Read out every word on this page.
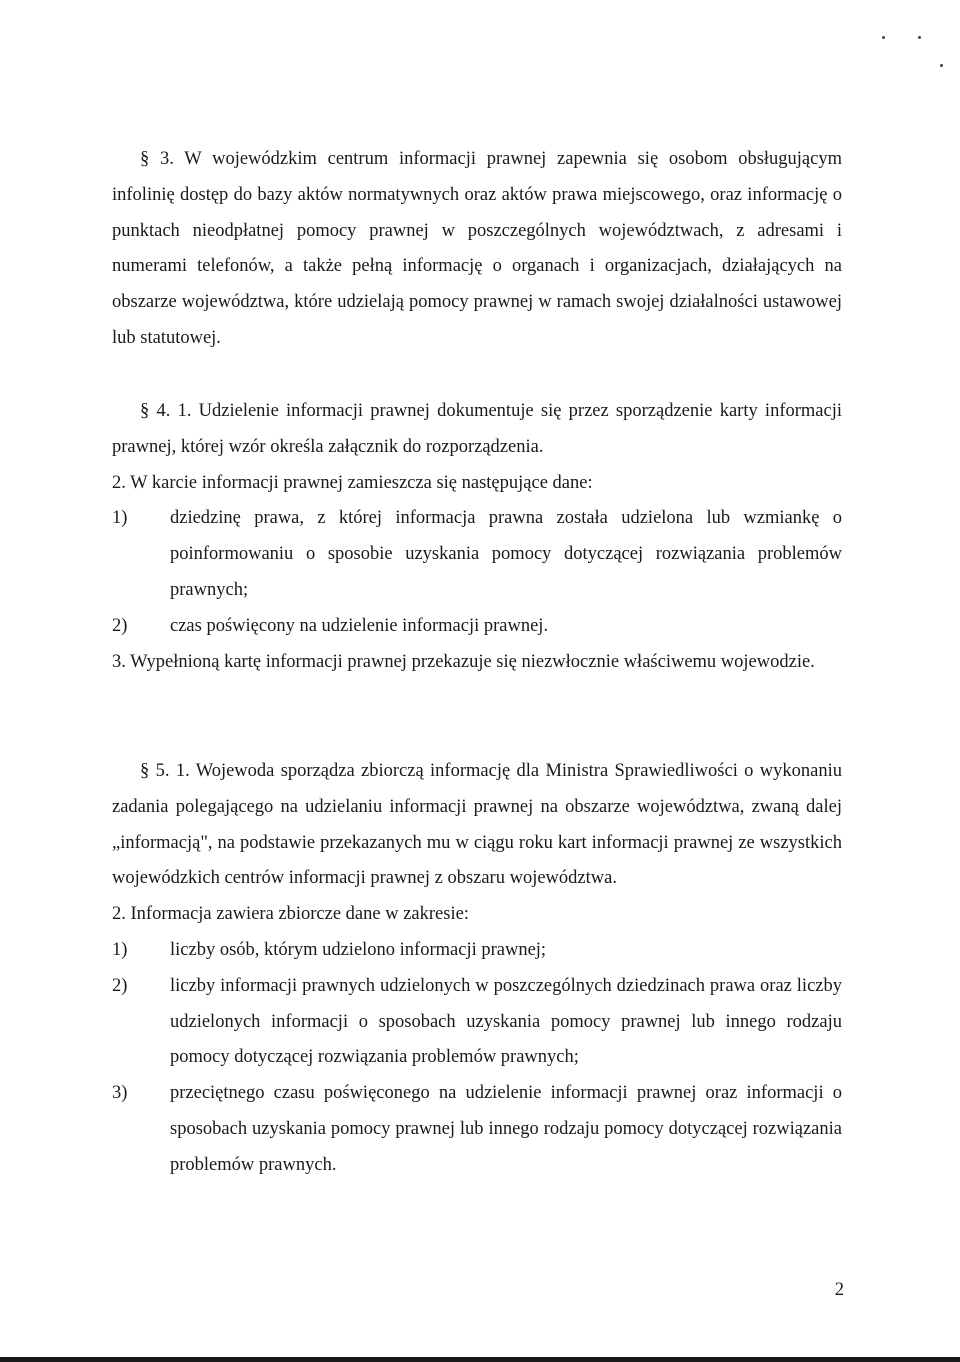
§ 3. W wojewódzkim centrum informacji prawnej zapewnia się osobom obsługującym infolinię dostęp do bazy aktów normatywnych oraz aktów prawa miejscowego, oraz informację o punktach nieodpłatnej pomocy prawnej w poszczególnych województwach, z adresami i numerami telefonów, a także pełną informację o organach i organizacjach, działających na obszarze województwa, które udzielają pomocy prawnej w ramach swojej działalności ustawowej lub statutowej.

§ 4. 1. Udzielenie informacji prawnej dokumentuje się przez sporządzenie karty informacji prawnej, której wzór określa załącznik do rozporządzenia.

2. W karcie informacji prawnej zamieszcza się następujące dane:

1)	dziedzinę prawa, z której informacja prawna została udzielona lub wzmiankę o poinformowaniu o sposobie uzyskania pomocy dotyczącej rozwiązania problemów prawnych;
2)	czas poświęcony na udzielenie informacji prawnej.

3. Wypełnioną kartę informacji prawnej przekazuje się niezwłocznie właściwemu wojewodzie.

§ 5. 1. Wojewoda sporządza zbiorczą informację dla Ministra Sprawiedliwości o wykonaniu zadania polegającego na udzielaniu informacji prawnej na obszarze województwa, zwaną dalej „informacją", na podstawie przekazanych mu w ciągu roku kart informacji prawnej ze wszystkich wojewódzkich centrów informacji prawnej z obszaru województwa.

2. Informacja zawiera zbiorcze dane w zakresie:

1)	liczby osób, którym udzielono informacji prawnej;
2)	liczby informacji prawnych udzielonych w poszczególnych dziedzinach prawa oraz liczby udzielonych informacji o sposobach uzyskania pomocy prawnej lub innego rodzaju pomocy dotyczącej rozwiązania problemów prawnych;
3)	przeciętnego czasu poświęconego na udzielenie informacji prawnej oraz informacji o sposobach uzyskania pomocy prawnej lub innego rodzaju pomocy dotyczącej rozwiązania problemów prawnych.
2
